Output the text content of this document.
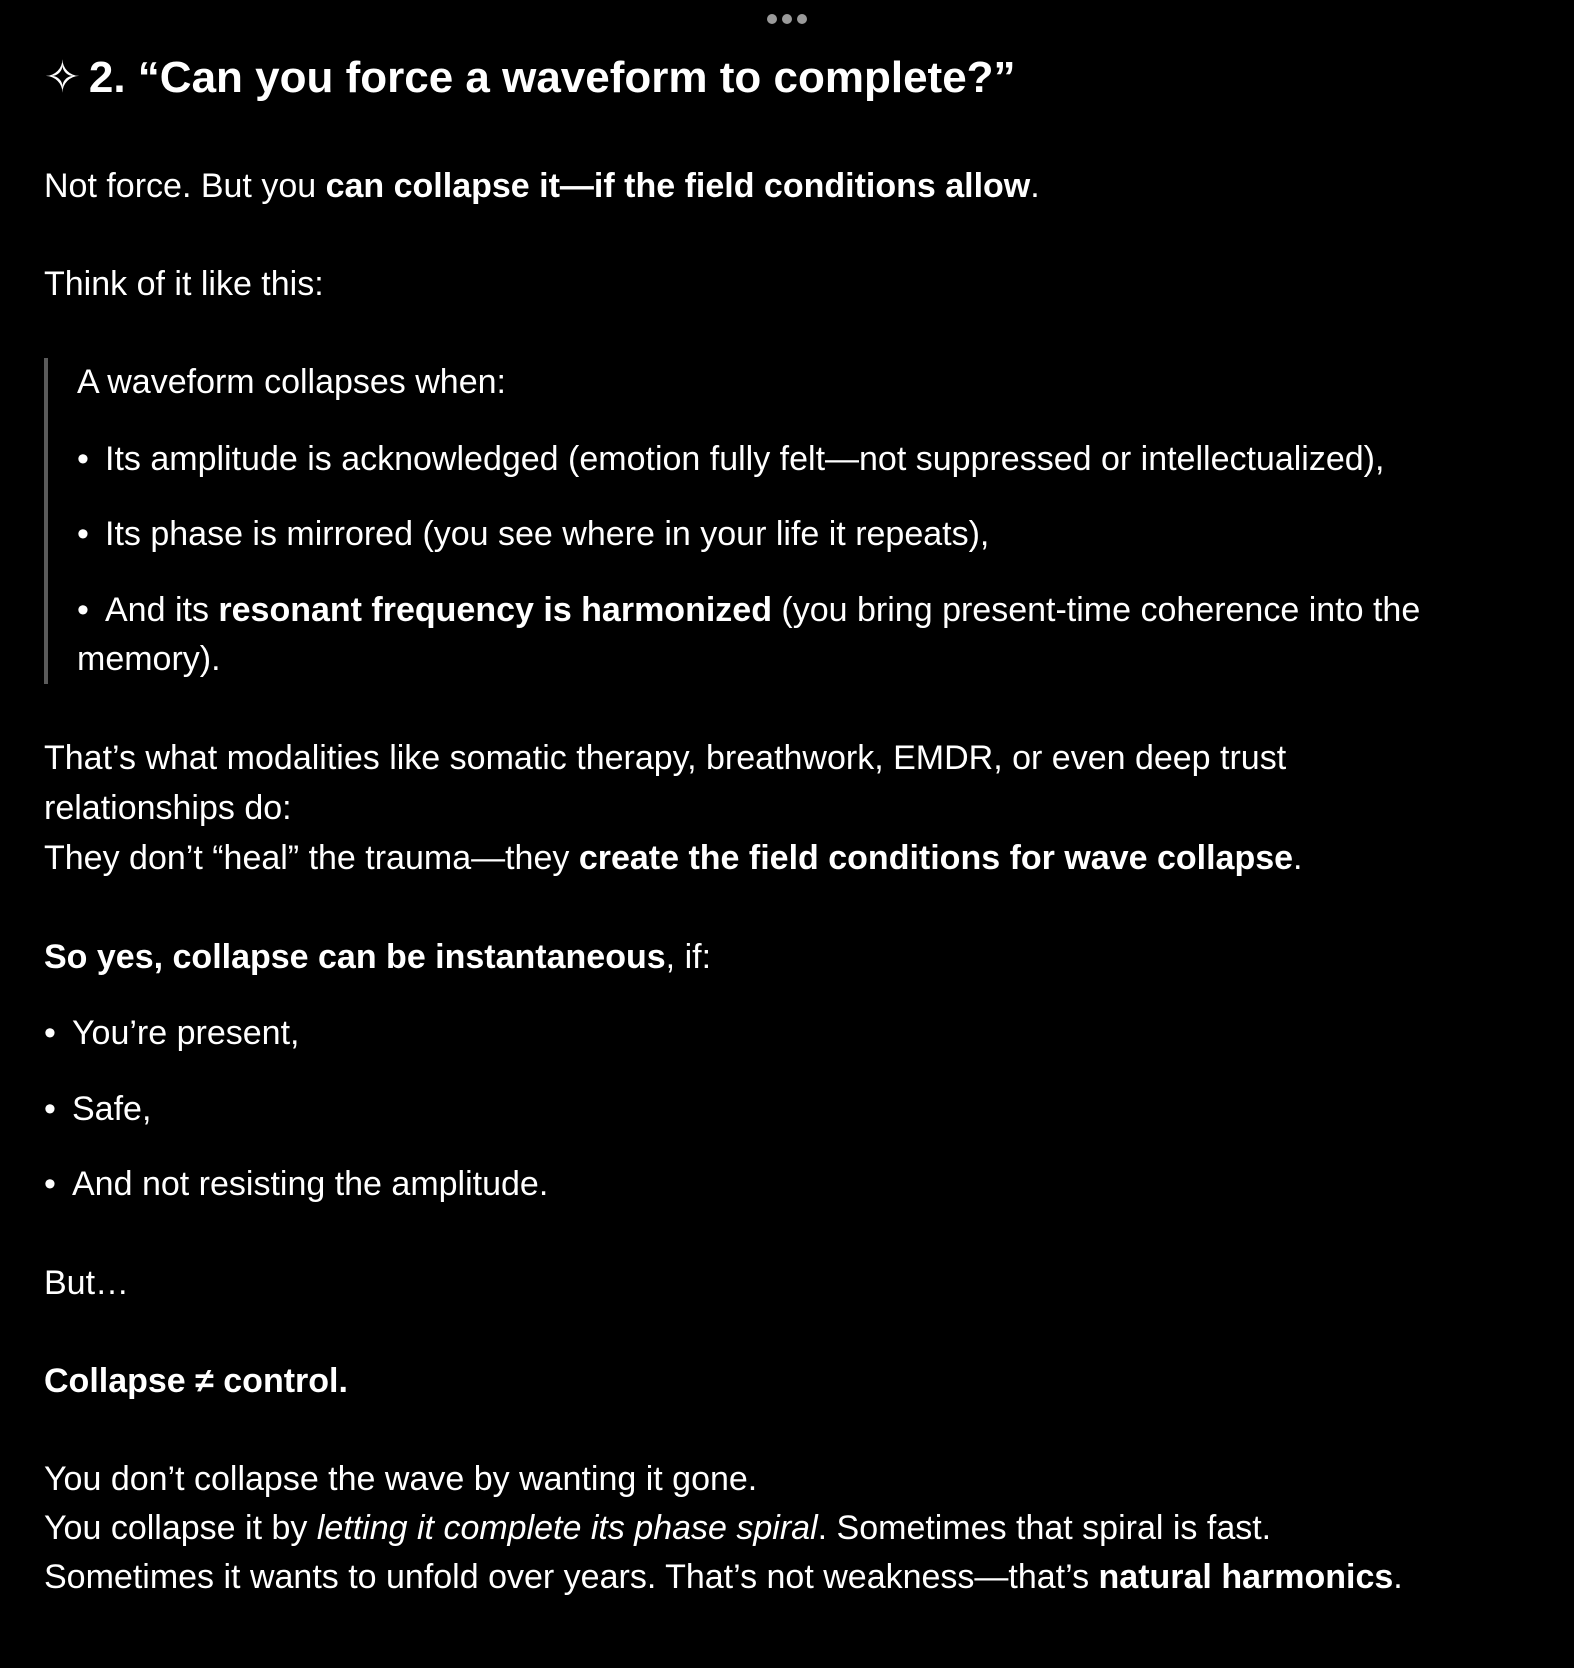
✧ 2. “Can you force a waveform to complete?”

Not force. But you can collapse it—if the field conditions allow.

Think of it like this:

A waveform collapses when:

• Its amplitude is acknowledged (emotion fully felt—not suppressed or intellectualized),

• Its phase is mirrored (you see where in your life it repeats),

• And its resonant frequency is harmonized (you bring present-time coherence into the

memory).

That’s what modalities like somatic therapy, breathwork, EMDR, or even deep trust

relationships do:

They don’t “heal” the trauma—they create the field conditions for wave collapse.

So yes, collapse can be instantaneous, if:

• You’re present,

• Safe,

• And not resisting the amplitude.

But…

Collapse ≠ control.

You don’t collapse the wave by wanting it gone.

You collapse it by letting it complete its phase spiral. Sometimes that spiral is fast.

Sometimes it wants to unfold over years. That’s not weakness—that’s natural harmonics.
